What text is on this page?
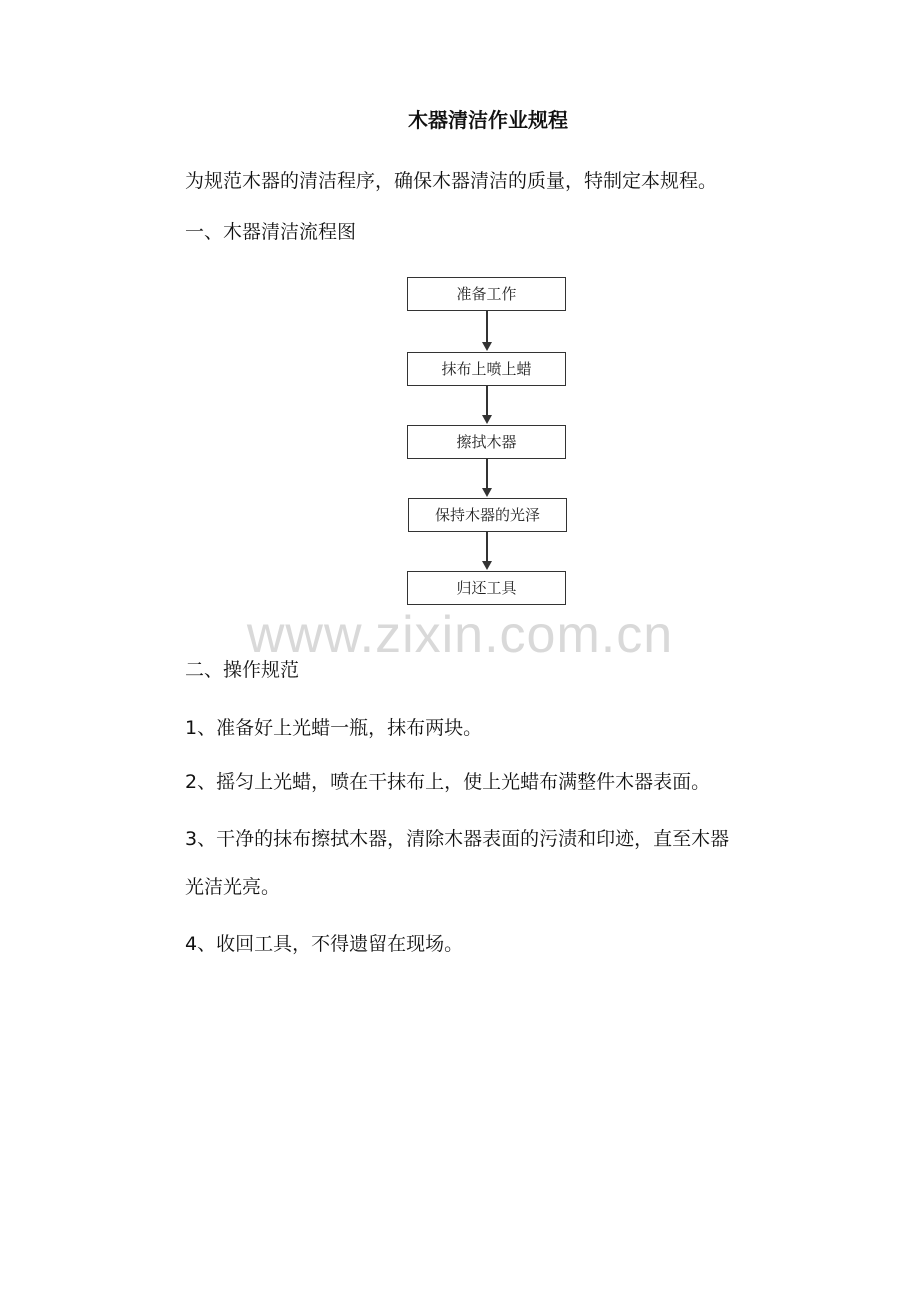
木器清洁作业规程
为规范木器的清洁程序，确保木器清洁的质量，特制定本规程。
一、木器清洁流程图
准备工作
抹布上喷上蜡
擦拭木器
保持木器的光泽
归还工具
www.zixin.com.cn
二、操作规范
1、准备好上光蜡一瓶，抹布两块。
2、摇匀上光蜡，喷在干抹布上，使上光蜡布满整件木器表面。
3、干净的抹布擦拭木器，清除木器表面的污渍和印迹，直至木器
光洁光亮。
4、收回工具，不得遗留在现场。
